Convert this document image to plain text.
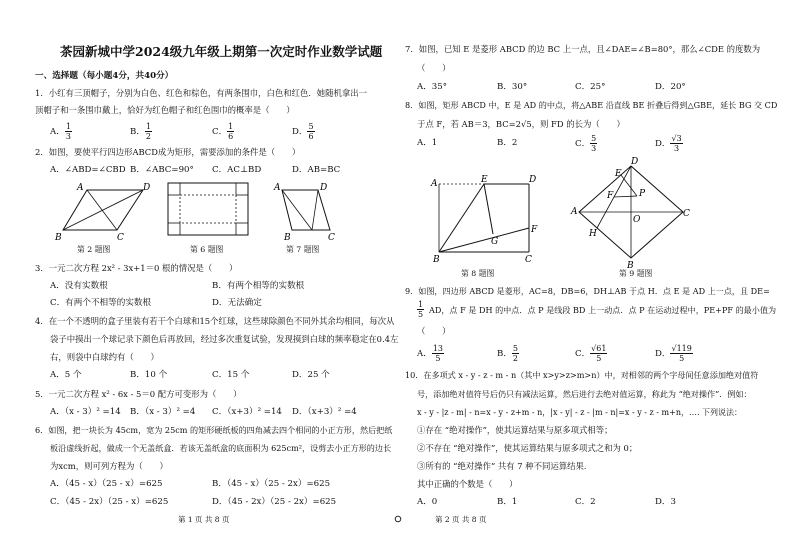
茶园新城中学2024级九年级上期第一次定时作业数学试题
一、选择题（每小题4分，共40分）
1．小红有三顶帽子，分别为白色、红色和棕色，有两条围巾，白色和红色．她随机拿出一
顶帽子和一条围巾戴上，恰好为红色帽子和红色围巾的概率是（　　）
A． $\frac{1}{3}$	B． $\frac{1}{2}$	C． $\frac{1}{6}$	D． $\frac{5}{6}$
2．如图，要使平行四边形ABCD成为矩形，需要添加的条件是（　　）
A．∠ABD=∠CBD B．∠ABC=90° C．AC⊥BD	D．AB=BC
A	D
B	C
第 2 题图	第 6 题图
A	D
B	C
第 7 题图
3．一元二次方程 2x² - 3x+1＝0 根的情况是（　　）
A．没有实数根	B．有两个相等的实数根
C．有两个不相等的实数根	D．无法确定
4．在一个不透明的盒子里装有若干个白球和15个红球，这些球除颜色不同外其余均相同，每次从
袋子中摸出一个球记录下颜色后再放回，经过多次重复试验，发现摸到白球的频率稳定在0.4左
右，则袋中白球约有（　　）
A．5 个	B．10 个	C．15 个	D．25 个
5．一元二次方程 x² - 6x - 5＝0 配方可变形为（　　）
A．（x - 3）² =14 B．（x - 3）² =4 C．（x+3）² =14 D．（x+3）² =4
6．如图，把一块长为 45cm，宽为 25cm 的矩形硬纸板的四角减去四个相同的小正方形，然后把纸
板沿虚线折起，做成一个无盖纸盒．若该无盖纸盒的底面积为 625cm²，设剪去小正方形的边长
为xcm，则可列方程为（　　）
A．（45 - x）（25 - x）=625	B．（45 - x）（25 - 2x）=625
C．（45 - 2x）（25 - x）=625	D．（45 - 2x）（25 - 2x）=625
第 1 页 共 8 页
7．如图，已知 E 是菱形 ABCD 的边 BC 上一点，且∠DAE=∠B=80°，那么∠CDE 的度数为
（　　）
A．35°	B．30°	C．25°	D．20°
8．如图，矩形 ABCD 中，E 是 AD 的中点，将△ABE 沿直线 BE 折叠后得到△GBE，延长 BG 交 CD
于点 F，若 AB＝3，BC=2√5，则 FD 的长为（　　）
A．1	B．2	C． $\frac{5}{3}$	D． $\frac{√3}{3}$
A	E	D
F
G
B	C
第 8 题图
D
E
F	P
A
O
C
H
B
第 9 题图
9．如图，四边形 ABCD 是菱形，AC=8，DB=6，DH⊥AB 于点 H．点 E 是 AD 上一点，且 DE=
$\frac{1}{5}$ AD，点 F 是 DH 的中点．点 P 是线段 BD 上一动点．点 P 在运动过程中，PE+PF 的最小值为
（　　）
A． $\frac{13}{5}$	B． $\frac{5}{2}$	C． $\frac{√61}{5}$	D． $\frac{√119}{5}$
10．在多项式 x - y - z - m - n（其中 x>y>z>m>n）中，对相邻的两个字母间任意添加绝对值符
号，添加绝对值符号后仍只有减法运算，然后进行去绝对值运算，称此为 “绝对操作”．例如：
x - y - |z - m| - n=x - y - z+m - n，|x - y| - z - |m - n|=x - y - z - m+n，…. 下列说法：
①存在 “绝对操作”，使其运算结果与原多项式相等；
②不存在 “绝对操作”，使其运算结果与原多项式之和为 0；
③所有的 “绝对操作” 共有 7 种不同运算结果．
其中正确的个数是（　　）
A．0	B．1	C．2	D．3
第 2 页 共 8 页
